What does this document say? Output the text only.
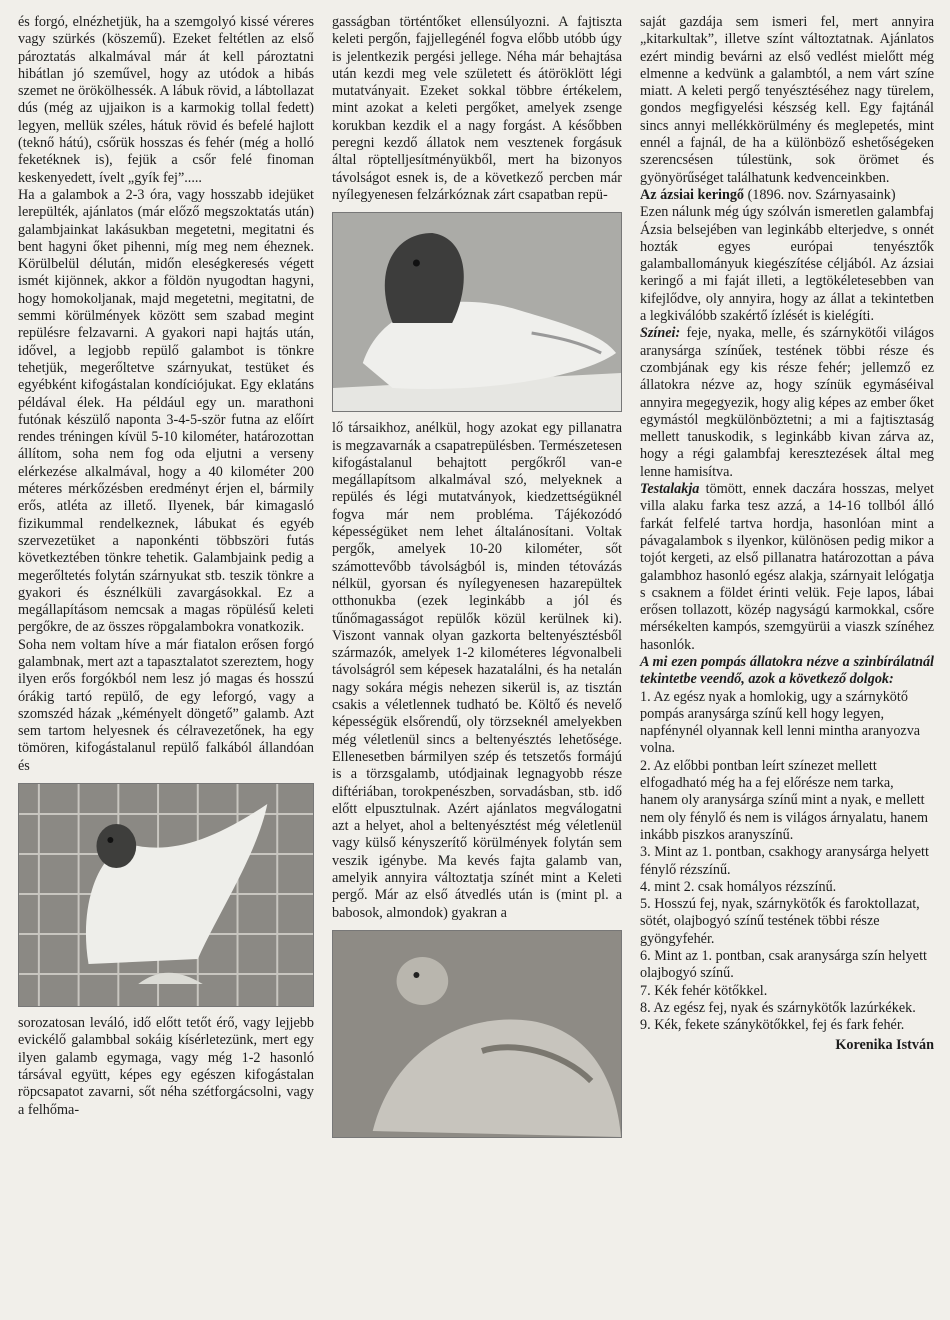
és forgó, elnézhetjük, ha a szemgolyó kissé véreres vagy szürkés (köszemű). Ezeket feltétlen az első pároztatás alkalmával már át kell pároztatni hibátlan jó szeművel, hogy az utódok a hibás szemet ne örökölhessék. A lábuk rövid, a lábtollazat dús (még az ujjaikon is a karmokig tollal fedett) legyen, mellük széles, hátuk rövid és befelé hajlott (teknő hátú), csőrük hosszas és fehér (még a holló feketéknek is), fejük a csőr felé finoman keskenyedett, ívelt „gyík fej”.....

Ha a galambok a 2-3 óra, vagy hosszabb idejüket lerepülték, ajánlatos (már előző megszoktatás után) galambjainkat lakásukban megetetni, megitatni és bent hagyni őket pihenni, míg meg nem éheznek. Körülbelül délután, midőn eleségkeresés végett ismét kijönnek, akkor a földön nyugodtan hagyni, hogy homokoljanak, majd megetetni, megitatni, de semmi körülmények között sem szabad megint repülésre felzavarni. A gyakori napi hajtás után, idővel, a legjobb repülő galambot is tönkre tehetjük, megerőltetve szárnyukat, testüket és egyébként kifogástalan kondíciójukat. Egy eklatáns példával élek. Ha például egy un. marathoni futónak készülő naponta 3-4-5-ször futna az előírt rendes tréningen kívül 5-10 kilométer, határozottan állítom, soha nem fog oda eljutni a verseny elérkezése alkalmával, hogy a 40 kilométer 200 méteres mérkőzésben eredményt érjen el, bármily erős, atléta az illető. Ilyenek, bár kimagasló fizikummal rendelkeznek, lábukat és egyéb szervezetüket a naponkénti többszöri futás következtében tönkre tehetik. Galambjaink pedig a megerőltetés folytán szárnyukat stb. teszik tönkre a gyakori és észnélküli zavargásokkal. Ez a megállapításom nemcsak a magas röpülésű keleti pergőkre, de az összes röpgalambokra vonatkozik.

Soha nem voltam híve a már fiatalon erősen forgó galambnak, mert azt a tapasztalatot szereztem, hogy ilyen erős forgókból nem lesz jó magas és hosszú órákig tartó repülő, de egy leforgó, vagy a szomszéd házak „kéményelt döngető” galamb. Azt sem tartom helyesnek és célravezetőnek, ha egy tömören, kifogástalanul repülő falkából állandóan és

sorozatosan leváló, idő előtt tetőt érő, vagy lejjebb evickélő galambbal sokáig kísérletezünk, mert egy ilyen galamb egymaga, vagy még 1-2 hasonló társával együtt, képes egy egészen kifogástalan röpcsapatot zavarni, sőt néha szétforgácsolni, vagy a felhőma-

gasságban történtőket ellensúlyozni. A fajtiszta keleti pergőn, fajjellegénél fogva előbb utóbb úgy is jelentkezik pergési jellege. Néha már behajtása után kezdi meg vele született és átöröklött légi mutatványait. Ezeket sokkal többre értékelem, mint azokat a keleti pergőket, amelyek zsenge korukban kezdik el a nagy forgást. A későbben peregni kezdő állatok nem vesztenek forgásuk által röptelljesítményükből, mert ha bizonyos távolságot esnek is, de a következő percben már nyílegyenesen felzárkóznak zárt csapatban repü-

lő társaikhoz, anélkül, hogy azokat egy pillanatra is megzavarnák a csapatrepülésben. Természetesen kifogástalanul behajtott pergőkről van-e megállapítsom alkalmával szó, melyeknek a repülés és légi mutatványok, kiedzettségüknél fogva már nem probléma. Tájékozódó képességüket nem lehet általánosítani. Voltak pergők, amelyek 10-20 kilométer, sőt számottevőbb távolságból is, minden tétovázás nélkül, gyorsan és nyílegyenesen hazarepültek otthonukba (ezek leginkább a jól és tűnőmagasságot repülők közül kerülnek ki). Viszont vannak olyan gazkorta beltenyésztésből származók, amelyek 1-2 kilométeres légvonalbeli távolságról sem képesek hazatalálni, és ha netalán nagy sokára mégis nehezen sikerül is, az tisztán csakis a véletlennek tudható be. Költő és nevelő képességük elsőrendű, oly törzseknél amelyekben még véletlenül sincs a beltenyésztés lehetősége. Ellenesetben bármilyen szép és tetszetős formájú is a törzsgalamb, utódjainak legnagyobb része diftériában, torokpenészben, sorvadásban, stb. idő előtt elpusztulnak. Azért ajánlatos megválogatni azt a helyet, ahol a beltenyésztést még véletlenül vagy külső kényszerítő körülmények folytán sem veszik igénybe. Ma kevés fajta galamb van, amelyik annyira változtatja színét mint a Keleti pergő. Már az első átvedlés után is (mint pl. a babosok, almondok) gyakran a

saját gazdája sem ismeri fel, mert annyira „kitarkultak”, illetve színt változtatnak. Ajánlatos ezért mindig bevárni az első vedlést mielőtt még elmenne a kedvünk a galambtól, a nem várt színe miatt. A keleti pergő tenyésztéséhez nagy türelem, gondos megfigyelési készség kell. Egy fajtánál sincs annyi mellékkörülmény és meglepetés, mint ennél a fajnál, de ha a különböző eshetőségeken szerencsésen túlestünk, sok örömet és gyönyörűséget találhatunk kedvenceinkben.

Az ázsiai keringő (1896. nov. Szárnyasaink)

Ezen nálunk még úgy szólván ismeretlen galambfaj Ázsia belsejében van leginkább elterjedve, s onnét hozták egyes európai tenyésztők galamballományuk kiegészítése céljából. Az ázsiai keringő a mi faját illeti, a legtökéletesebben van kifejlődve, oly annyira, hogy az állat a tekintetben a legkiválóbb szakértő ízlését is kielégíti.

Színei: feje, nyaka, melle, és szárnykötői világos aranysárga színűek, testének többi része és czombjának egy kis része fehér; jellemző ez állatokra nézve az, hogy színük egymáséival annyira megegyezik, hogy alig képes az ember őket egymástól megkülönböztetni; a mi a fajtisztaság mellett tanuskodik, s leginkább kivan zárva az, hogy a régi galambfaj keresztezések által meg lenne hamisítva.

Testalakja tömött, ennek daczára hosszas, melyet villa alaku farka tesz azzá, a 14-16 tollból álló farkát felfelé tartva hordja, hasonlóan mint a pávagalambok s ilyenkor, különösen pedig mikor a tojót kergeti, az első pillanatra határozottan a páva galambhoz hasonló egész alakja, szárnyait lelógatja s csaknem a földet érinti velük. Feje lapos, lábai erősen tollazott, közép nagyságú karmokkal, csőre mérsékelten kampós, szemgyürüi a viaszk színéhez hasonlók.

A mi ezen pompás állatokra nézve a szinbírálatnál tekintetbe veendő, azok a következő dolgok:

1. Az egész nyak a homlokig, ugy a szárnykötő pompás aranysárga színű kell hogy legyen, napfénynél olyannak kell lenni mintha aranyozva volna.

2. Az előbbi pontban leírt színezet mellett elfogadható még ha a fej előrésze nem tarka, hanem oly aranysárga színű mint a nyak, e mellett nem oly fénylő és nem is világos árnyalatu, hanem inkább piszkos aranyszínű.

3. Mint az 1. pontban, csakhogy aranysárga helyett fénylő rézszínű.

4. mint 2. csak homályos rézszínű.

5. Hosszú fej, nyak, szárnykötők és faroktollazat, sötét, olajbogyó színű testének többi része gyöngyfehér.

6. Mint az 1. pontban, csak aranysárga szín helyett olajbogyó színű.

7. Kék fehér kötőkkel.

8. Az egész fej, nyak és szárnykötők lazúrkékek.

9. Kék, fekete szánykötőkkel, fej és fark fehér.

Korenika István
